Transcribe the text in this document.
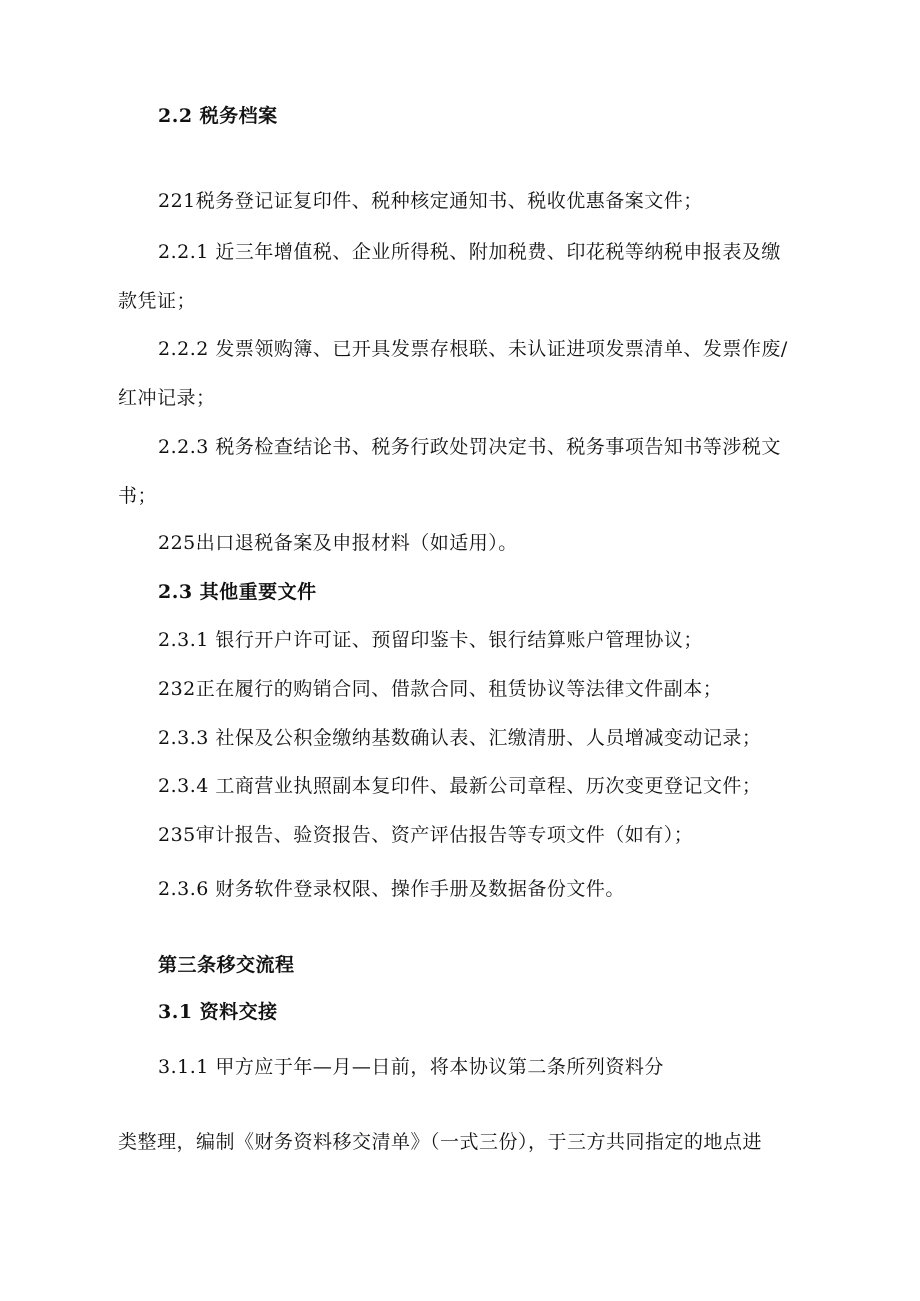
2.2 税务档案
221税务登记证复印件、税种核定通知书、税收优惠备案文件；
2.2.1 近三年增值税、企业所得税、附加税费、印花税等纳税申报表及缴
款凭证；
2.2.2 发票领购簿、已开具发票存根联、未认证进项发票清单、发票作废/
红冲记录；
2.2.3 税务检查结论书、税务行政处罚决定书、税务事项告知书等涉税文
书；
225出口退税备案及申报材料（如适用）。
2.3 其他重要文件
2.3.1 银行开户许可证、预留印鉴卡、银行结算账户管理协议；
232正在履行的购销合同、借款合同、租赁协议等法律文件副本；
2.3.3 社保及公积金缴纳基数确认表、汇缴清册、人员增减变动记录；
2.3.4 工商营业执照副本复印件、最新公司章程、历次变更登记文件；
235审计报告、验资报告、资产评估报告等专项文件（如有）；
2.3.6 财务软件登录权限、操作手册及数据备份文件。
第三条移交流程
3.1 资料交接
3.1.1 甲方应于年—月—日前，将本协议第二条所列资料分
类整理，编制《财务资料移交清单》（一式三份），于三方共同指定的地点进
